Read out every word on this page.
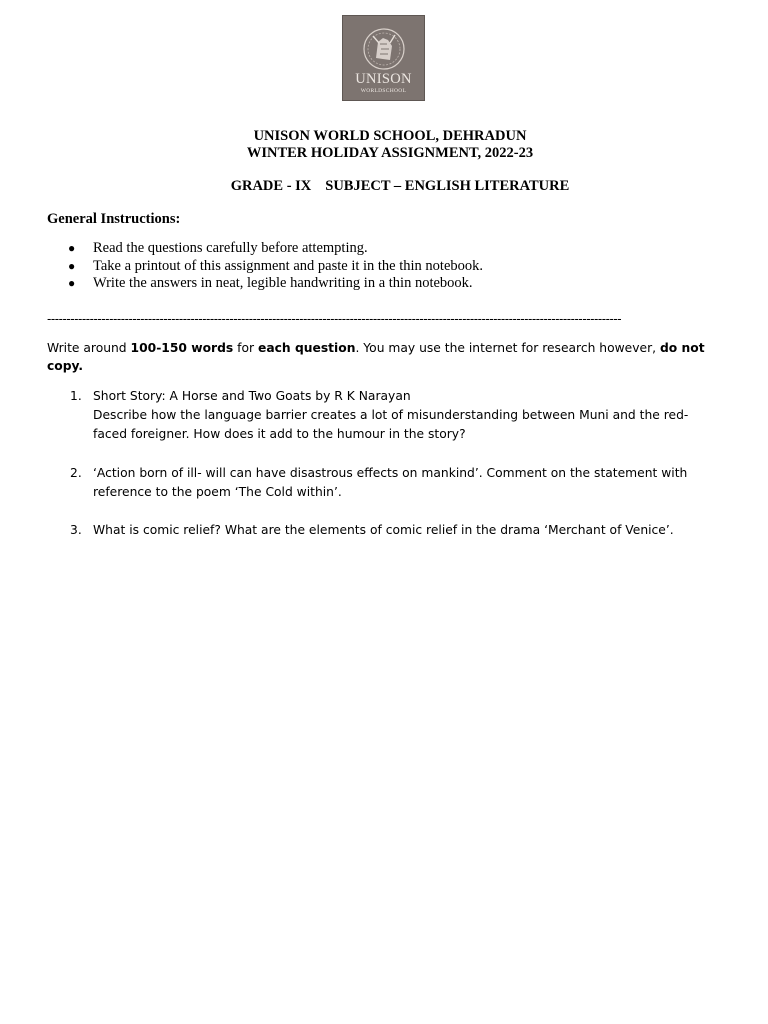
UNISON
WORLDSCHOOL
UNISON WORLD SCHOOL, DEHRADUN
WINTER HOLIDAY ASSIGNMENT, 2022-23
GRADE - IX SUBJECT – ENGLISH LITERATURE
General Instructions:
● Read the questions carefully before attempting.
● Take a printout of this assignment and paste it in the thin notebook.
● Write the answers in neat, legible handwriting in a thin notebook.
----------------------------------------------------------------------------------------------------------------------------------------------------
Write around 100-150 words for each question. You may use the internet for research however, do not copy.
1. Short Story: A Horse and Two Goats by R K Narayan
Describe how the language barrier creates a lot of misunderstanding between Muni and the red-faced foreigner. How does it add to the humour in the story?
2. ‘Action born of ill- will can have disastrous effects on mankind’. Comment on the statement with reference to the poem ‘The Cold within’.
3. What is comic relief? What are the elements of comic relief in the drama ‘Merchant of Venice’.
